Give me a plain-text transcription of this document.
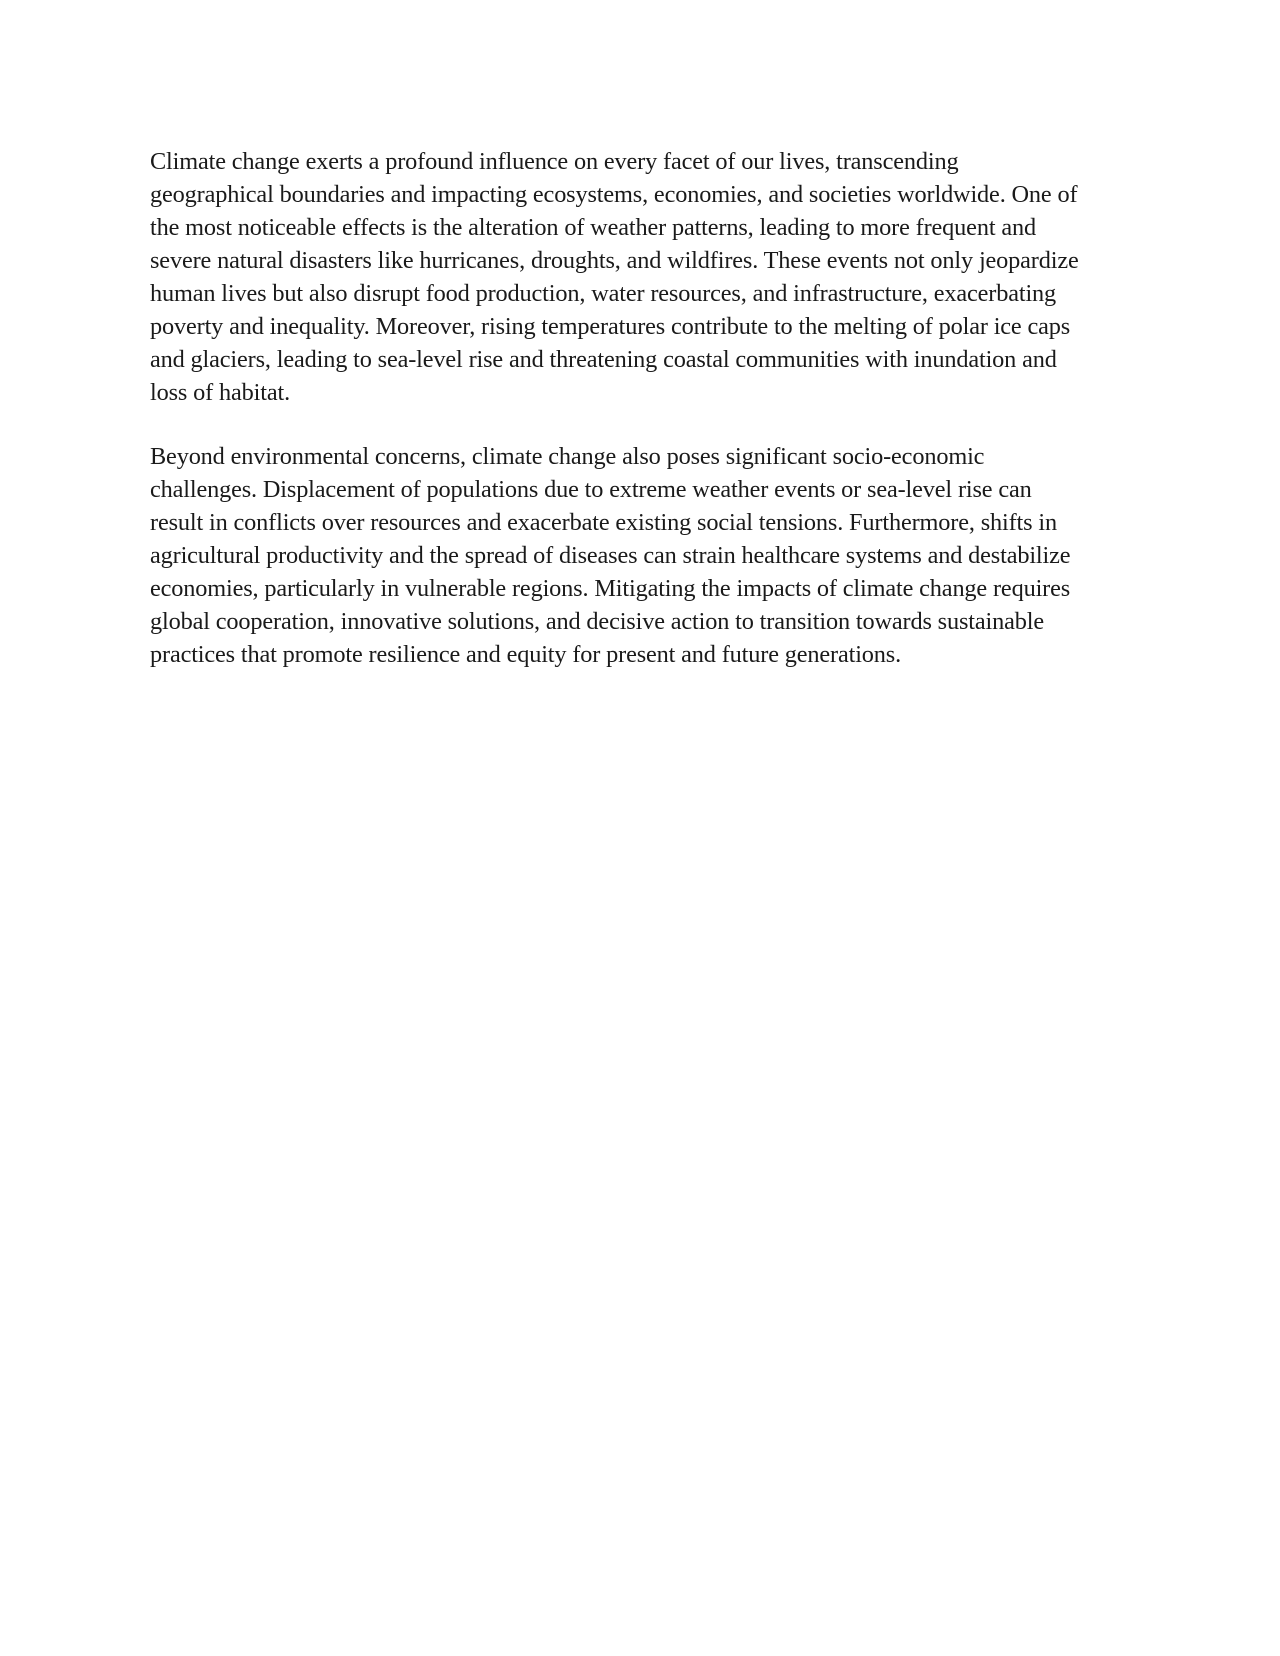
Climate change exerts a profound influence on every facet of our lives, transcending
geographical boundaries and impacting ecosystems, economies, and societies worldwide. One of
the most noticeable effects is the alteration of weather patterns, leading to more frequent and
severe natural disasters like hurricanes, droughts, and wildfires. These events not only jeopardize
human lives but also disrupt food production, water resources, and infrastructure, exacerbating
poverty and inequality. Moreover, rising temperatures contribute to the melting of polar ice caps
and glaciers, leading to sea-level rise and threatening coastal communities with inundation and
loss of habitat.

Beyond environmental concerns, climate change also poses significant socio-economic
challenges. Displacement of populations due to extreme weather events or sea-level rise can
result in conflicts over resources and exacerbate existing social tensions. Furthermore, shifts in
agricultural productivity and the spread of diseases can strain healthcare systems and destabilize
economies, particularly in vulnerable regions. Mitigating the impacts of climate change requires
global cooperation, innovative solutions, and decisive action to transition towards sustainable
practices that promote resilience and equity for present and future generations.
